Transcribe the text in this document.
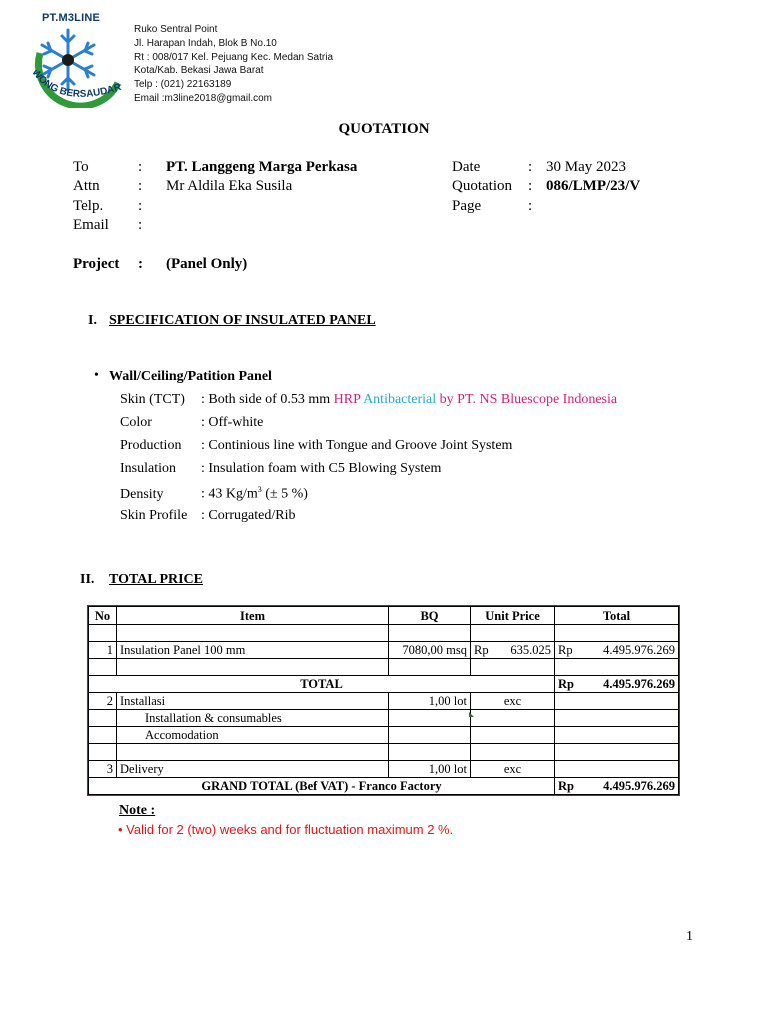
PT.M3LINE
WONG BERSAUDAR
Ruko Sentral Point
Jl. Harapan Indah, Blok B No.10
Rt : 008/017 Kel. Pejuang Kec. Medan Satria
Kota/Kab. Bekasi Jawa Barat
Telp : (021) 22163189
Email :m3line2018@gmail.com
QUOTATION
To	: PT. Langgeng Marga Perkasa
Attn	: Mr Aldila Eka Susila
Telp. :
Email :
Date	: 30 May 2023
Quotation : 086/LMP/23/V
Page	:
Project : (Panel Only)
I. SPECIFICATION OF INSULATED PANEL
• Wall/Ceiling/Patition Panel
Skin (TCT) : Both side of 0.53 mm HRP Antibacterial by PT. NS Bluescope Indonesia
Color	: Off-white
Production : Continious line with Tongue and Groove Joint System
Insulation : Insulation foam with C5 Blowing System
Density	: 43 $Kg/m^3$ (± 5 %)
Skin Profile : Corrugated/Rib
II. TOTAL PRICE
No	Item	BQ	Unit Price	Total

1	Insulation Panel 100 mm	7080,00 msq	Rp 635.025	Rp 4.495.976.269

TOTAL				Rp 4.495.976.269

2	Installasi	1,00 lot	exc	
	Installation & consumables			
	Accomodation			

3	Delivery	1,00 lot	exc	
GRAND TOTAL (Bef VAT) - Franco Factory				Rp 4.495.976.269
Note :
• Valid for 2 (two) weeks and for fluctuation maximum 2 %.
1
